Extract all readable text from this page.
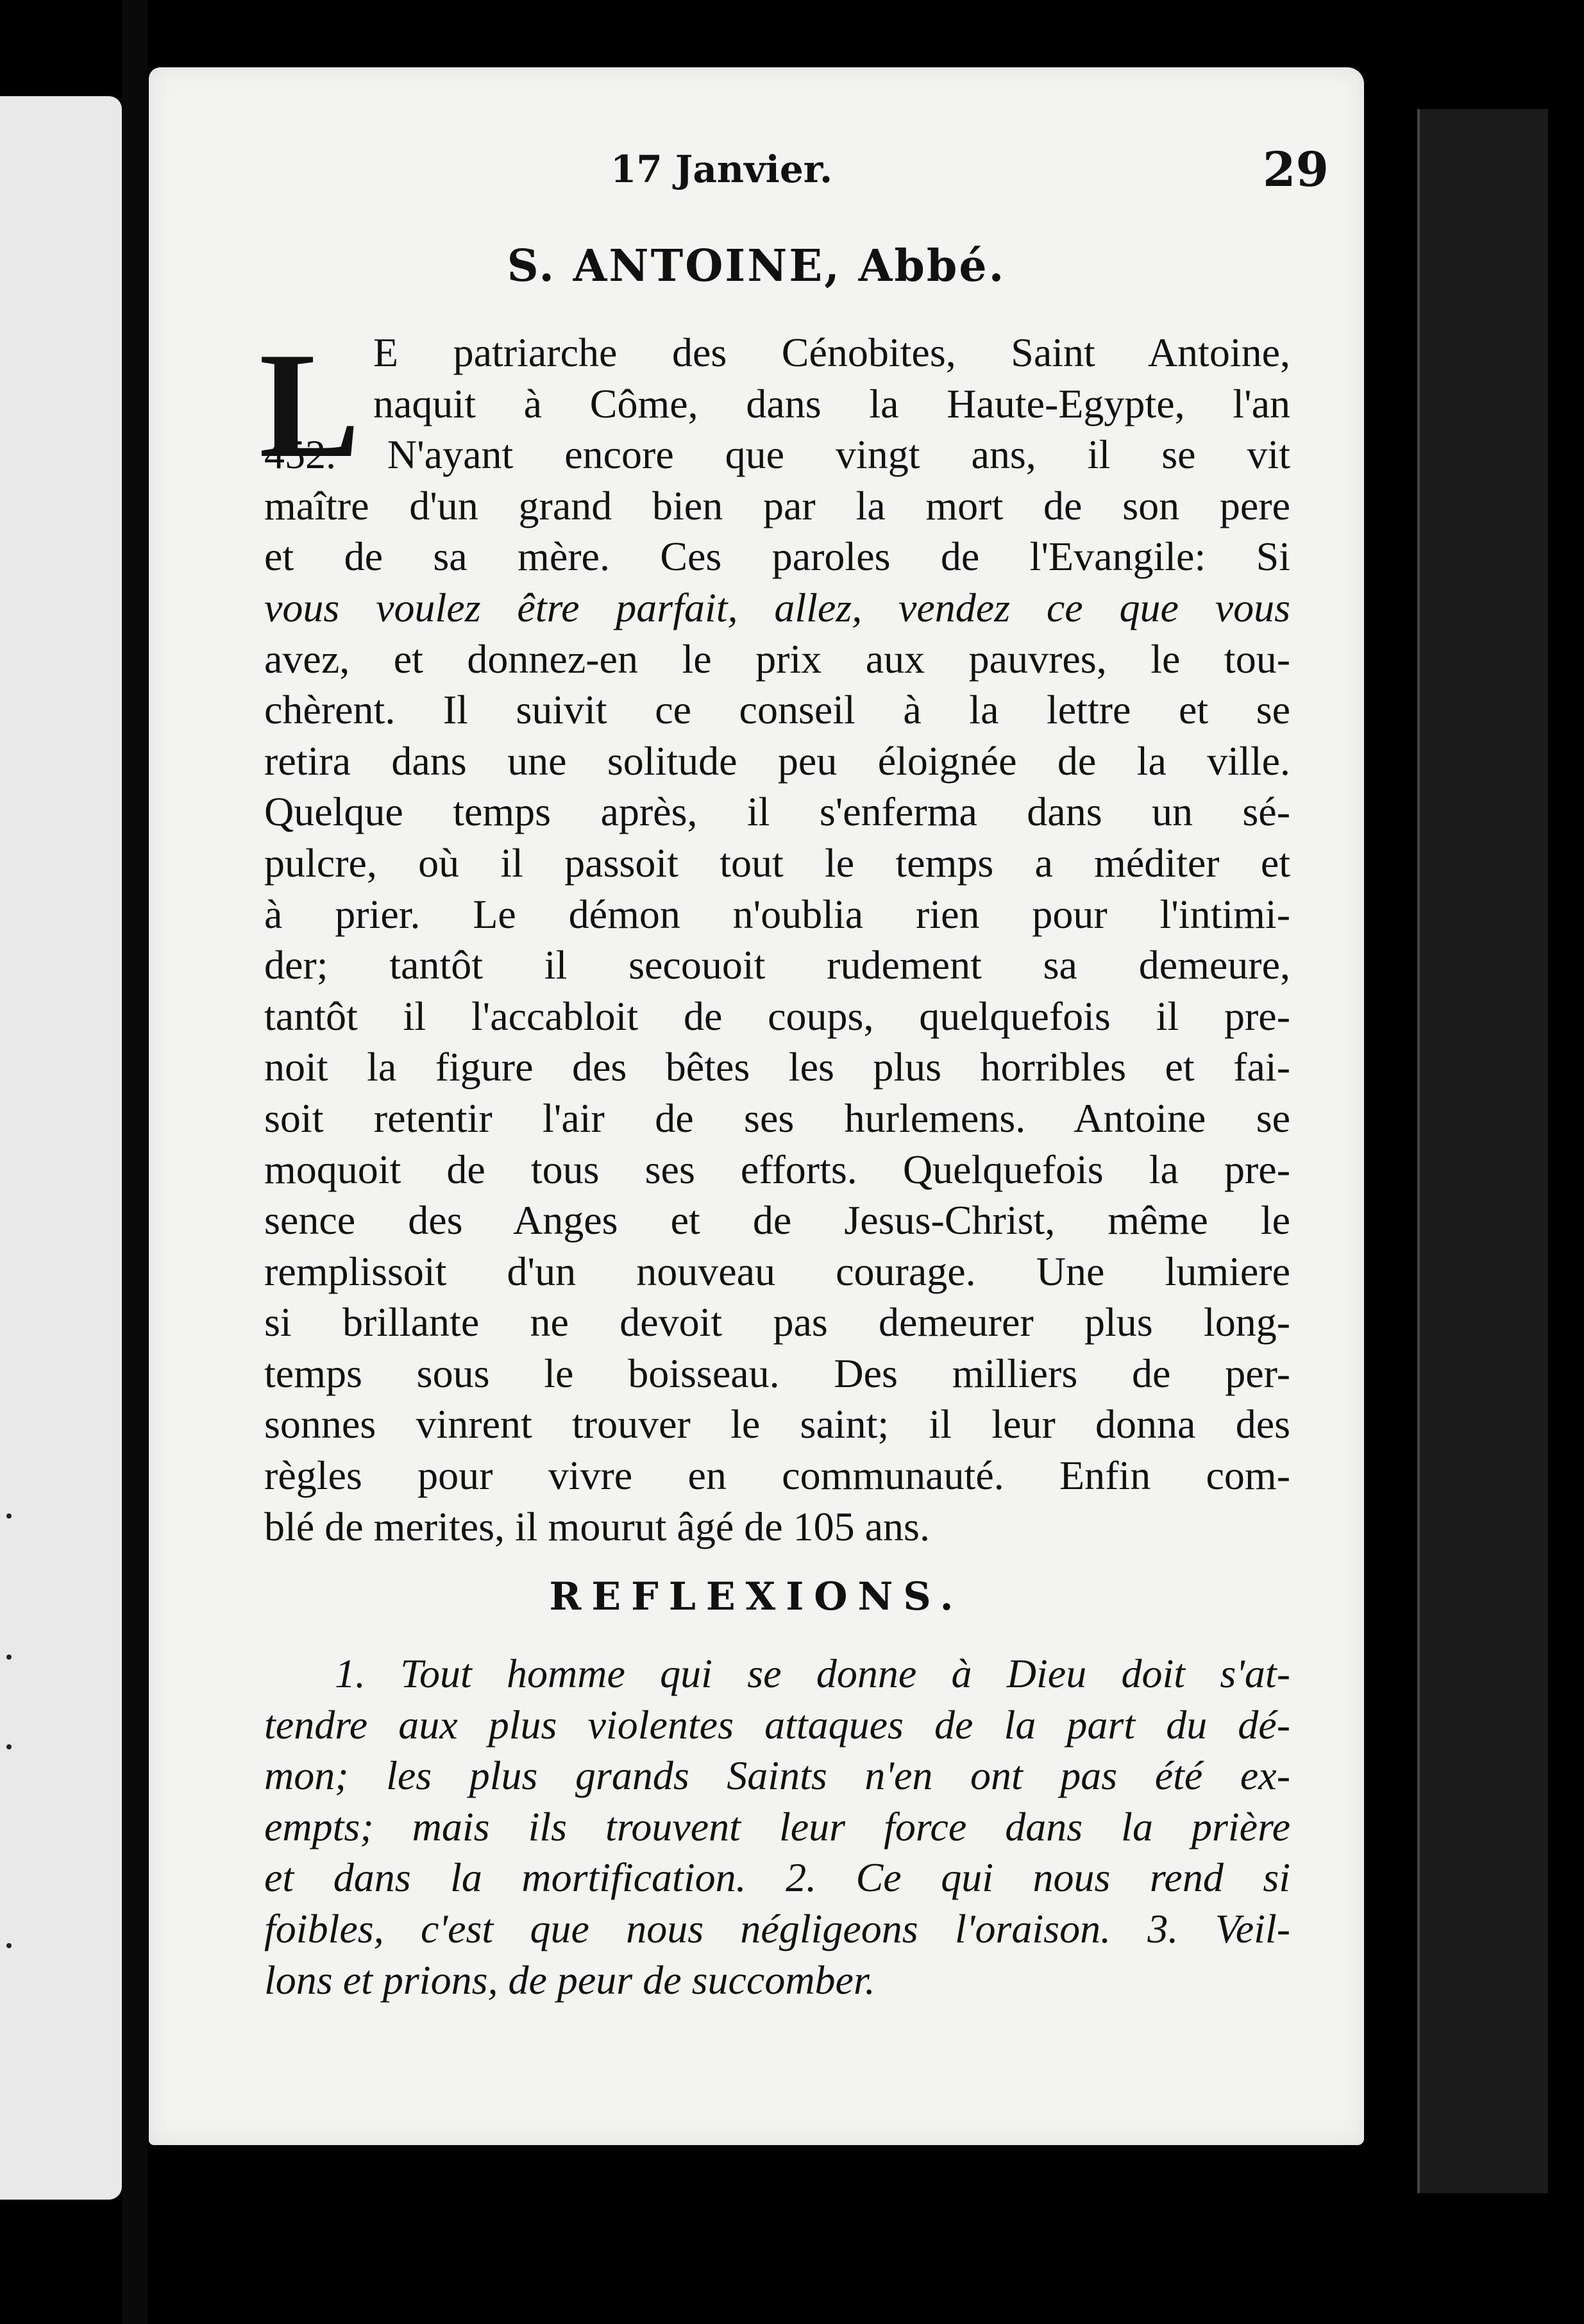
17 Janvier.	29
S. ANTOINE, Abbé.
L E patriarche des Cénobites, Saint Antoine,
naquit à Côme, dans la Haute-Egypte, l'an
452. N'ayant encore que vingt ans, il se vit
maître d'un grand bien par la mort de son pere
et de sa mère. Ces paroles de l'Evangile: Si
vous voulez être parfait, allez, vendez ce que vous
avez, et donnez-en le prix aux pauvres, le tou-
chèrent. Il suivit ce conseil à la lettre et se
retira dans une solitude peu éloignée de la ville.
Quelque temps après, il s'enferma dans un sé-
pulcre, où il passoit tout le temps a méditer et
à prier. Le démon n'oublia rien pour l'intimi-
der; tantôt il secouoit rudement sa demeure,
tantôt il l'accabloit de coups, quelquefois il pre-
noit la figure des bêtes les plus horribles et fai-
soit retentir l'air de ses hurlemens. Antoine se
moquoit de tous ses efforts. Quelquefois la pre-
sence des Anges et de Jesus-Christ, même le
remplissoit d'un nouveau courage. Une lumiere
si brillante ne devoit pas demeurer plus long-
temps sous le boisseau. Des milliers de per-
sonnes vinrent trouver le saint; il leur donna des
règles pour vivre en communauté. Enfin com-
blé de merites, il mourut âgé de 105 ans.
REFLEXIONS.
1. Tout homme qui se donne à Dieu doit s'at-
tendre aux plus violentes attaques de la part du dé-
mon; les plus grands Saints n'en ont pas été ex-
empts; mais ils trouvent leur force dans la prière
et dans la mortification. 2. Ce qui nous rend si
foibles, c'est que nous négligeons l'oraison. 3. Veil-
lons et prions, de peur de succomber.
